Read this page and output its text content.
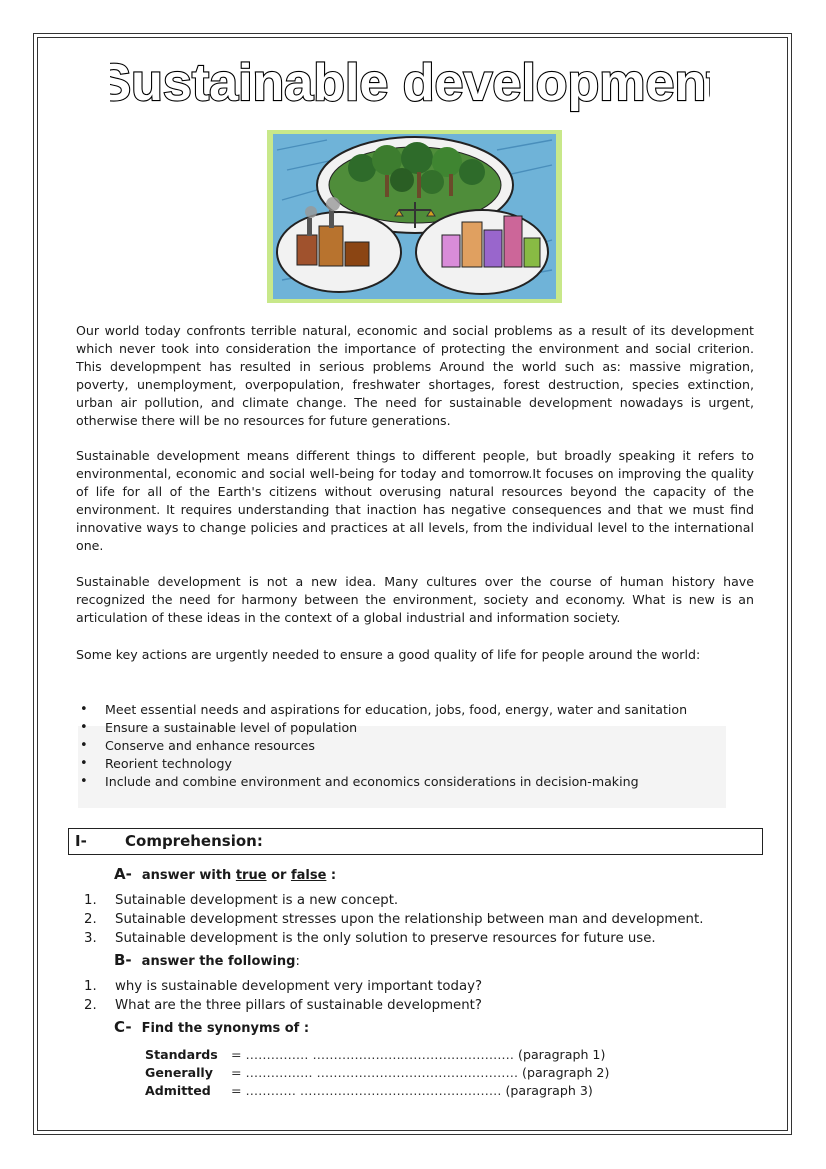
Sustainable development

Our world today confronts terrible natural, economic and social problems as a result of its development which never took into consideration the importance of protecting the environment and social criterion. This developmpent has resulted in serious problems Around the world such as: massive migration, poverty, unemployment, overpopulation, freshwater shortages, forest destruction, species extinction, urban air pollution, and climate change. The need for sustainable development nowadays is urgent, otherwise there will be no resources for future generations.

Sustainable development means different things to different people, but broadly speaking it refers to environmental, economic and social well-being for today and tomorrow.It focuses on improving the quality of life for all of the Earth's citizens without overusing natural resources beyond the capacity of the environment. It requires understanding that inaction has negative consequences and that we must find innovative ways to change policies and practices at all levels, from the individual level to the international one.

Sustainable development is not a new idea. Many cultures over the course of human history have recognized the need for harmony between the environment, society and economy. What is new is an articulation of these ideas in the context of a global industrial and information society.

Some key actions are urgently needed to ensure a good quality of life for people around the world:

• Meet essential needs and aspirations for education, jobs, food, energy, water and sanitation
• Ensure a sustainable level of population
• Conserve and enhance resources
• Reorient technology
• Include and combine environment and economics considerations in decision-making
I-	Comprehension:
A- answer with true or false :
1. Sutainable development is a new concept.
2. Sutainable development stresses upon the relationship between man and development.
3. Sutainable development is the only solution to preserve resources for future use.
B- answer the following:
1. why is sustainable development very important today?
2. What are the three pillars of sustainable development?
C- Find the synonyms of :
Standards = …………… ………………………………………… (paragraph 1)
Generally = ……………. ………………………………………… (paragraph 2)
Admitted = ………… ………………………………………… (paragraph 3)
